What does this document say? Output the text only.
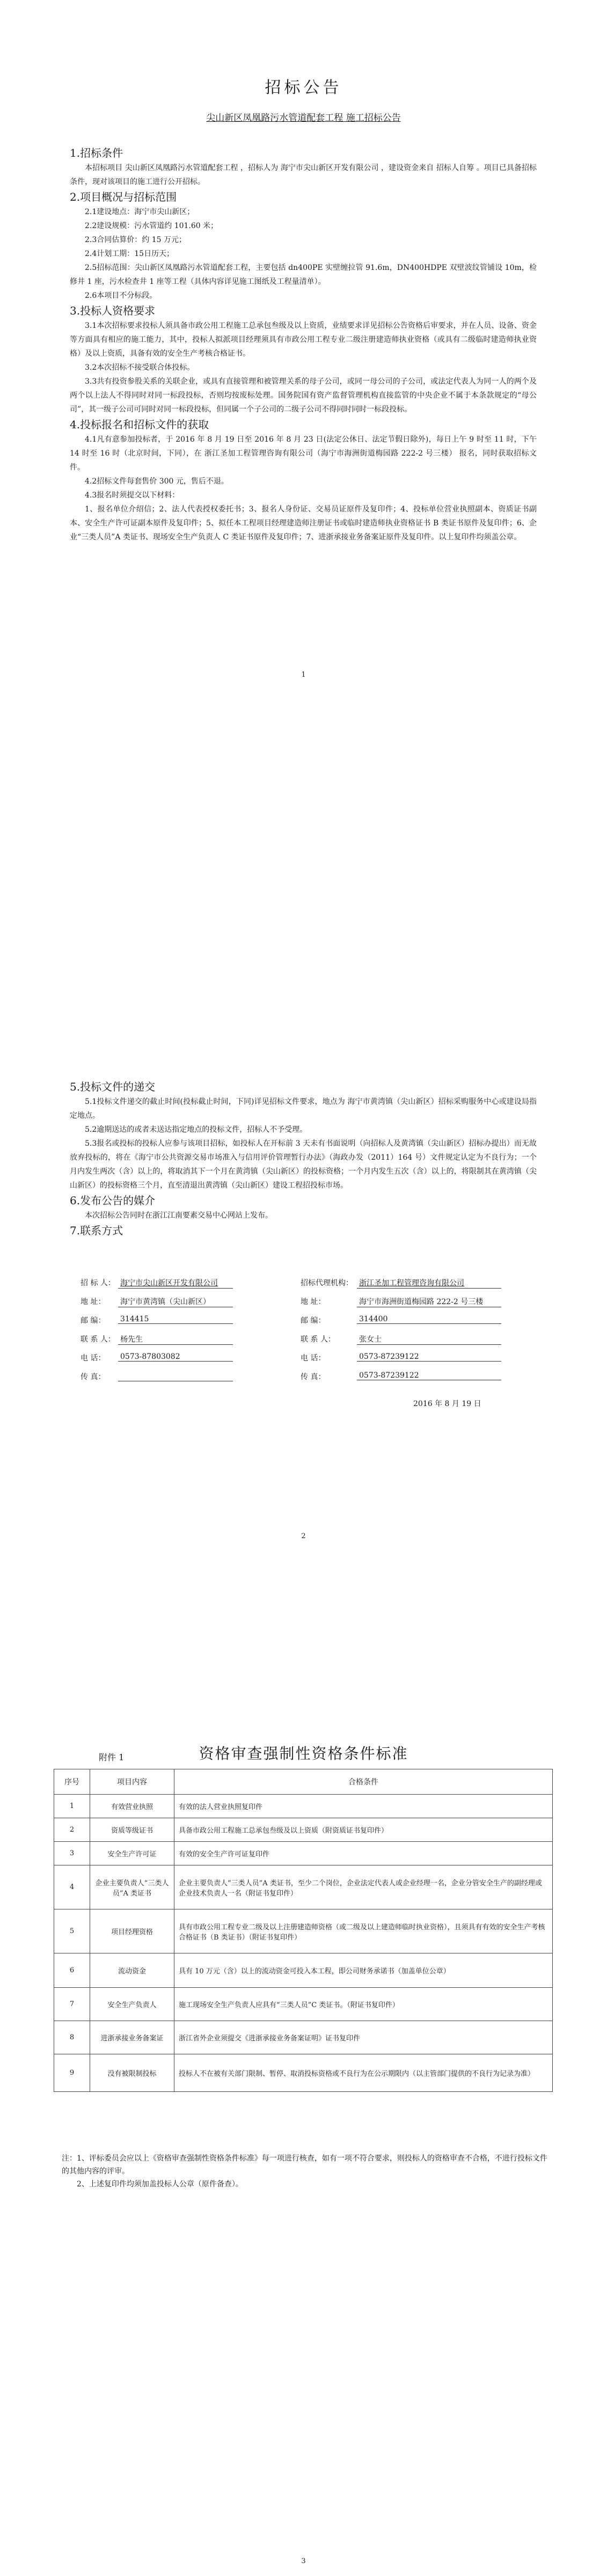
招标公告
尖山新区凤凰路污水管道配套工程 施工招标公告

1.招标条件

本招标项目 尖山新区凤凰路污水管道配套工程 ，招标人为 海宁市尖山新区开发有限公司 ，建设资金来自 招标人自筹 。项目已具备招标条件，现对该项目的施工进行公开招标。

2.项目概况与招标范围

2.1建设地点：海宁市尖山新区；

2.2建设规模：污水管道约 101.60 米；

2.3合同估算价：约 15 万元；

2.4计划工期：15日历天；

2.5招标范围：尖山新区凤凰路污水管道配套工程，主要包括 dn400PE 实壁缠拉管 91.6m，DN400HDPE 双壁波纹管铺设 10m，检修井 1 座，污水检查井 1 座等工程（具体内容详见施工图纸及工程量清单）。

2.6本项目不分标段。

3.投标人资格要求

3.1本次招标要求投标人须具备市政公用工程施工总承包叁级及以上资质，业绩要求详见招标公告资格后审要求，并在人员、设备、资金等方面具有相应的施工能力，其中，投标人拟派项目经理须具有市政公用工程专业二级注册建造师执业资格（或具有二级临时建造师执业资格）及以上资质，具备有效的安全生产考核合格证书。

3.2本次招标不接受联合体投标。

3.3共有投资参股关系的关联企业，或具有直接管理和被管理关系的母子公司，或同一母公司的子公司，或法定代表人为同一人的两个及两个以上法人不得同时对同一标段投标，否则均按废标处理。国务院国有资产监督管理机构直接监管的中央企业不属于本条款规定的“母公司”，其一级子公司可同时对同一标段投标，但同属一个子公司的二级子公司不得同时同时一标段投标。

4.投标报名和招标文件的获取

4.1凡有意参加投标者，于 2016 年 8 月 19 日至 2016 年 8 月 23 日(法定公休日、法定节假日除外)，每日上午 9 时至 11 时，下午 14 时至 16 时（北京时间，下同），在 浙江圣加工程管理咨询有限公司（海宁市海洲街道梅园路 222-2 号三楼） 报名，同时获取招标文件。

4.2招标文件每套售价 300 元，售后不退。

4.3报名时须提交以下材料：

1、报名单位介绍信；2、法人代表授权委托书；3、报名人身份证、交易员证原件及复印件；4、投标单位营业执照副本、资质证书副本、安全生产许可证副本原件及复印件；5、拟任本工程项目经理建造师注册证书或临时建造师执业资格证书 B 类证书原件及复印件；6、企业“三类人员”A 类证书、现场安全生产负责人 C 类证书原件及复印件；7、进浙承接业务备案证原件及复印件。以上复印件均须盖公章。

1

5.投标文件的递交

5.1投标文件递交的截止时间(投标截止时间，下同)详见招标文件要求，地点为 海宁市黄湾镇（尖山新区）招标采购服务中心或建设局指定地点。

5.2逾期送达的或者未送达指定地点的投标文件，招标人不予受理。

5.3报名或投标的投标人应参与该项目招标，如投标人在开标前 3 天未有书面说明（向招标人及黄湾镇（尖山新区）招标办提出）而无故放弃投标的，将在《海宁市公共资源交易市场准入与信用评价管理暂行办法》（海政办发（2011）164 号）文件规定认定为不良行为；一个月内发生两次（含）以上的，将取消其下一个月在黄湾镇（尖山新区）的投标资格；一个月内发生五次（含）以上的，将限制其在黄湾镇（尖山新区）的投标资格三个月，直至清退出黄湾镇（尖山新区）建设工程招投标市场。

6.发布公告的媒介

本次招标公告同时在浙江江南要素交易中心网站上发布。

7.联系方式

招 标 人： 海宁市尖山新区开发有限公司
地 址： 海宁市黄湾镇（尖山新区）
邮 编： 314415
联 系 人： 杨先生
电 话： 0573-87803082
传 真：
招标代理机构： 浙江圣加工程管理咨询有限公司
地 址：	海宁市海洲街道梅园路 222-2 号三楼
邮 编：	314400
联 系 人：	张女士
电 话：	0573-87239122
传 真：	0573-87239122
2016 年 8 月 19 日
2
附件 1	资格审查强制性资格条件标准
序号	项目内容	合格条件
1	有效营业执照	有效的法人营业执照复印件
2	资质等级证书	具备市政公用工程施工总承包叁级及以上资质（附资质证书复印件）
3	安全生产许可证	有效的安全生产许可证复印件
4	企业主要负责人“三类人员”A 类证书	企业主要负责人“三类人员”A 类证书，至少二个岗位，企业法定代表人或企业经理一名，企业分管安全生产的副经理或企业技术负责人一名（附证书复印件）
5	项目经理资格	具有市政公用工程专业二级及以上注册建造师资格（或二级及以上建造师临时执业资格），且须具有有效的安全生产考核合格证书（B 类证书）（附证书复印件）
6	流动资金	具有 10 万元（含）以上的流动资金可投入本工程，即公司财务承诺书（加盖单位公章）
7	安全生产负责人	施工现场安全生产负责人应具有“三类人员”C 类证书。（附证书复印件）
8	进浙承接业务备案证	浙江省外企业须提交《进浙承接业务备案证明》证书复印件
9	没有被限制投标	投标人不在被有关部门限制、暂停、取消投标资格或不良行为在公示期限内（以主管部门提供的不良行为记录为准）

注：1、评标委员会应以上《资格审查强制性资格条件标准》每一项进行核查，如有一项不符合要求，则投标人的资格审查不合格，不进行投标文件的其他内容的评审。

2、上述复印件均须加盖投标人公章（原件备查）。

3
